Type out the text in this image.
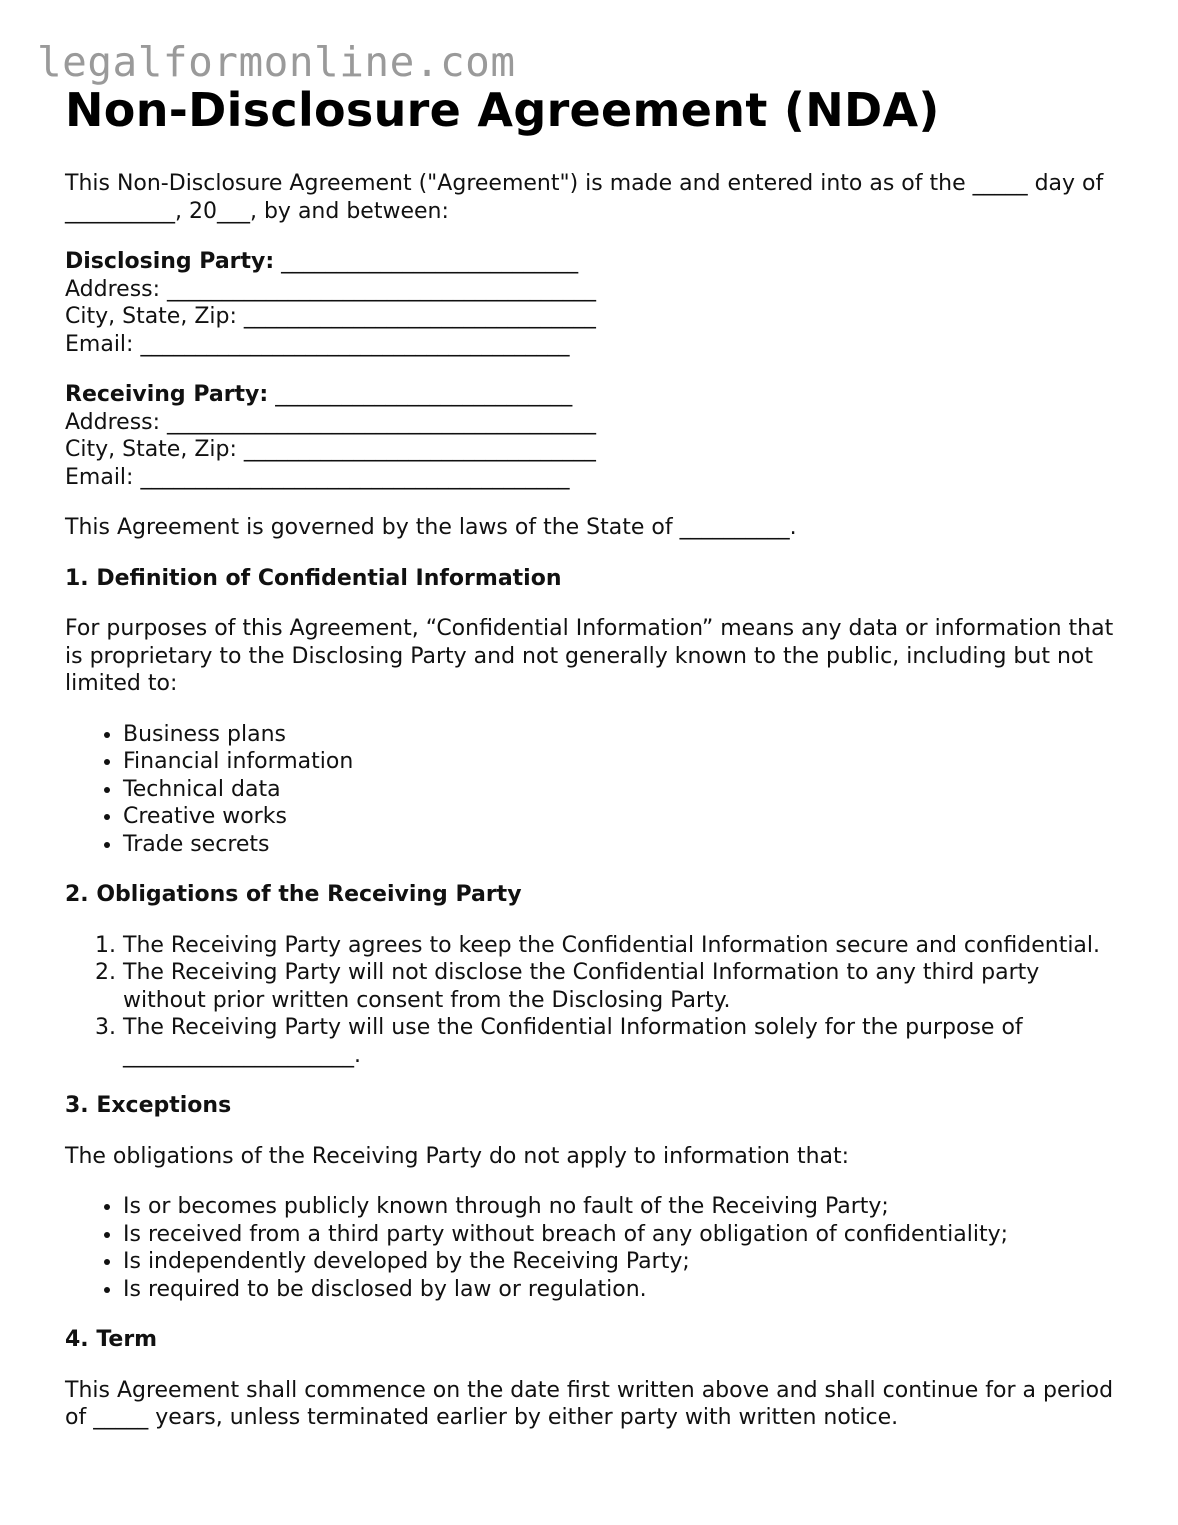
legalformonline.com
Non-Disclosure Agreement (NDA)

This Non-Disclosure Agreement ("Agreement") is made and entered into as of the _____ day of __________, 20___, by and between:

Disclosing Party: ___________________________
Address: _______________________________________
City, State, Zip: ________________________________
Email: _______________________________________
Receiving Party: ___________________________
Address: _______________________________________
City, State, Zip: ________________________________
Email: _______________________________________

This Agreement is governed by the laws of the State of __________.

1. Definition of Confidential Information

For purposes of this Agreement, “Confidential Information” means any data or information that is proprietary to the Disclosing Party and not generally known to the public, including but not limited to:

• Business plans
• Financial information
• Technical data
• Creative works
• Trade secrets
2. Obligations of the Receiving Party
1. The Receiving Party agrees to keep the Confidential Information secure and confidential.
2. The Receiving Party will not disclose the Confidential Information to any third party without prior written consent from the Disclosing Party.
3. The Receiving Party will use the Confidential Information solely for the purpose of _____________________.
3. Exceptions

The obligations of the Receiving Party do not apply to information that:

• Is or becomes publicly known through no fault of the Receiving Party;
• Is received from a third party without breach of any obligation of confidentiality;
• Is independently developed by the Receiving Party;
• Is required to be disclosed by law or regulation.
4. Term

This Agreement shall commence on the date first written above and shall continue for a period of _____ years, unless terminated earlier by either party with written notice.
